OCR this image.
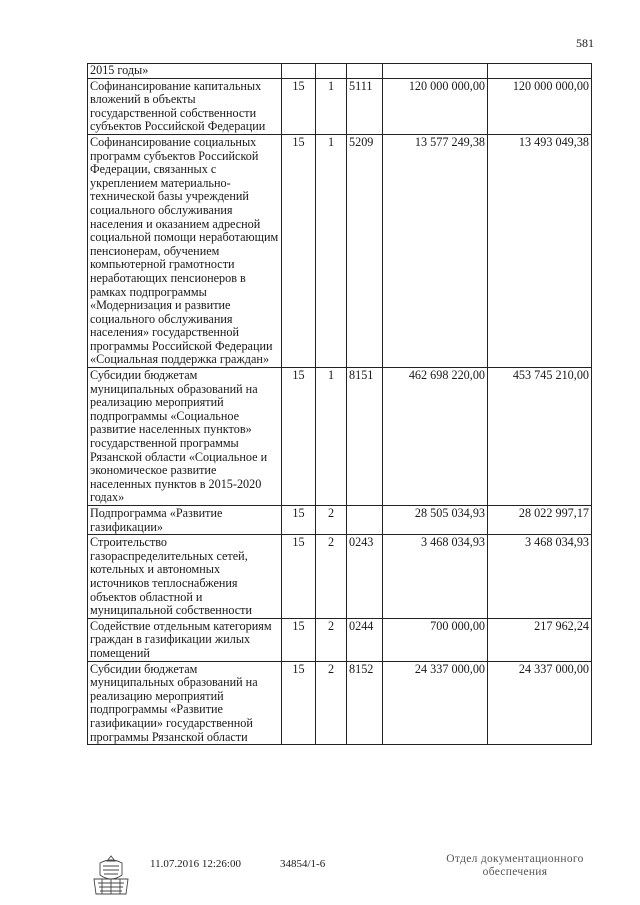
581
2015 годы»					
Софинансирование капитальных вложений в объекты государственной собственности субъектов Российской Федерации	15	1	5111	120 000 000,00	120 000 000,00
Софинансирование социальных программ субъектов Российской Федерации, связанных с укреплением материально-технической базы учреждений социального обслуживания населения и оказанием адресной социальной помощи неработающим пенсионерам, обучением компьютерной грамотности неработающих пенсионеров в рамках подпрограммы «Модернизация и развитие социального обслуживания населения» государственной программы Российской Федерации «Социальная поддержка граждан»	15	1	5209	13 577 249,38	13 493 049,38
Субсидии бюджетам муниципальных образований на реализацию мероприятий подпрограммы «Социальное развитие населенных пунктов» государственной программы Рязанской области «Социальное и экономическое развитие населенных пунктов в 2015-2020 годах»	15	1	8151	462 698 220,00	453 745 210,00
Подпрограмма «Развитие газификации»	15	2		28 505 034,93	28 022 997,17
Строительство газораспределительных сетей, котельных и автономных источников теплоснабжения объектов областной и муниципальной собственности	15	2	0243	3 468 034,93	3 468 034,93
Содействие отдельным категориям граждан в газификации жилых помещений	15	2	0244	700 000,00	217 962,24
Субсидии бюджетам муниципальных образований на реализацию мероприятий подпрограммы «Развитие газификации» государственной программы Рязанской области	15	2	8152	24 337 000,00	24 337 000,00
11.07.2016 12:26:00	34854/1-6	Отдел документационного
обеспечения
